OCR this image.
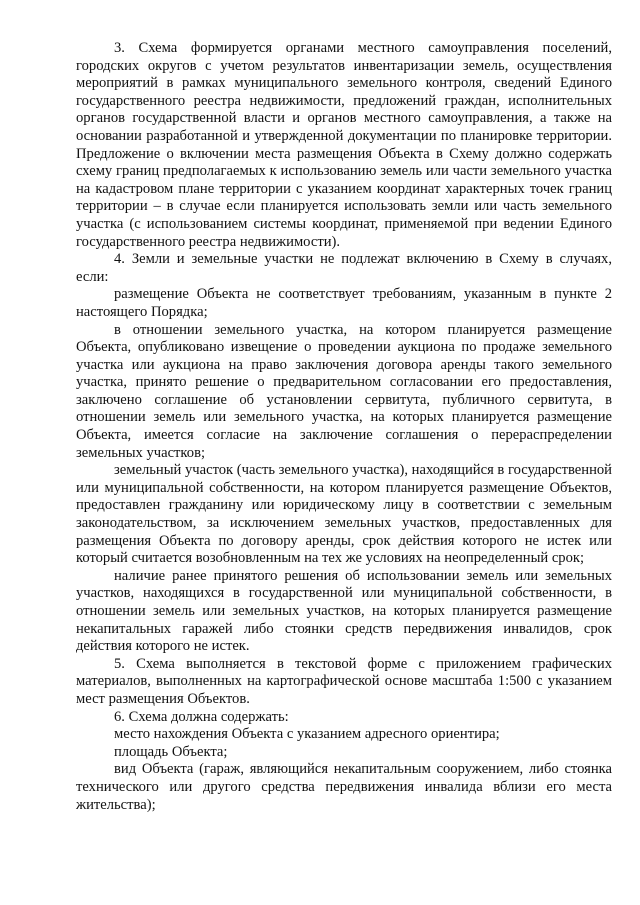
3. Схема формируется органами местного самоуправления поселений, городских округов с учетом результатов инвентаризации земель, осуществления мероприятий в рамках муниципального земельного контроля, сведений Единого государственного реестра недвижимости, предложений граждан, исполнительных органов государственной власти и органов местного самоуправления, а также на основании разработанной и утвержденной документации по планировке территории. Предложение о включении места размещения Объекта в Схему должно содержать схему границ предполагаемых к использованию земель или части земельного участка на кадастровом плане территории с указанием координат характерных точек границ территории – в случае если планируется использовать земли или часть земельного участка (с использованием системы координат, применяемой при ведении Единого государственного реестра недвижимости).

4. Земли и земельные участки не подлежат включению в Схему в случаях, если:

размещение Объекта не соответствует требованиям, указанным в пункте 2 настоящего Порядка;

в отношении земельного участка, на котором планируется размещение Объекта, опубликовано извещение о проведении аукциона по продаже земельного участка или аукциона на право заключения договора аренды такого земельного участка, принято решение о предварительном согласовании его предоставления, заключено соглашение об установлении сервитута, публичного сервитута, в отношении земель или земельного участка, на которых планируется размещение Объекта, имеется согласие на заключение соглашения о перераспределении земельных участков;

земельный участок (часть земельного участка), находящийся в государственной или муниципальной собственности, на котором планируется размещение Объектов, предоставлен гражданину или юридическому лицу в соответствии с земельным законодательством, за исключением земельных участков, предоставленных для размещения Объекта по договору аренды, срок действия которого не истек или который считается возобновленным на тех же условиях на неопределенный срок;

наличие ранее принятого решения об использовании земель или земельных участков, находящихся в государственной или муниципальной собственности, в отношении земель или земельных участков, на которых планируется размещение некапитальных гаражей либо стоянки средств передвижения инвалидов, срок действия которого не истек.

5. Схема выполняется в текстовой форме с приложением графических материалов, выполненных на картографической основе масштаба 1:500 с указанием мест размещения Объектов.

6. Схема должна содержать:

место нахождения Объекта с указанием адресного ориентира;

площадь Объекта;

вид Объекта (гараж, являющийся некапитальным сооружением, либо стоянка технического или другого средства передвижения инвалида вблизи его места жительства);
